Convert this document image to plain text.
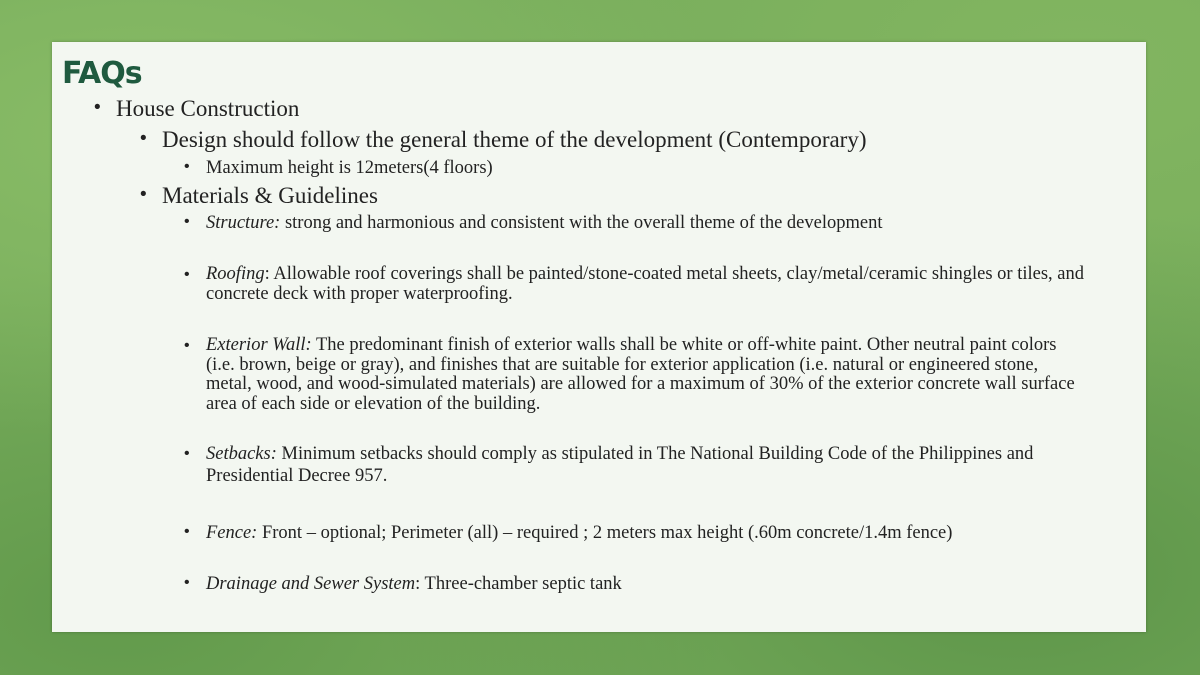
FAQs
• House Construction
• Design should follow the general theme of the development (Contemporary)
• Maximum height is 12meters(4 floors)
• Materials & Guidelines
• Structure: strong and harmonious and consistent with the overall theme of the development
• Roofing: Allowable roof coverings shall be painted/stone-coated metal sheets, clay/metal/ceramic shingles or tiles, and concrete deck with proper waterproofing.
• Exterior Wall: The predominant finish of exterior walls shall be white or off-white paint. Other neutral paint colors (i.e. brown, beige or gray), and finishes that are suitable for exterior application (i.e. natural or engineered stone, metal, wood, and wood-simulated materials) are allowed for a maximum of 30% of the exterior concrete wall surface area of each side or elevation of the building.
• Setbacks: Minimum setbacks should comply as stipulated in The National Building Code of the Philippines and Presidential Decree 957.
• Fence: Front – optional; Perimeter (all) – required ; 2 meters max height (.60m concrete/1.4m fence)
• Drainage and Sewer System: Three-chamber septic tank
